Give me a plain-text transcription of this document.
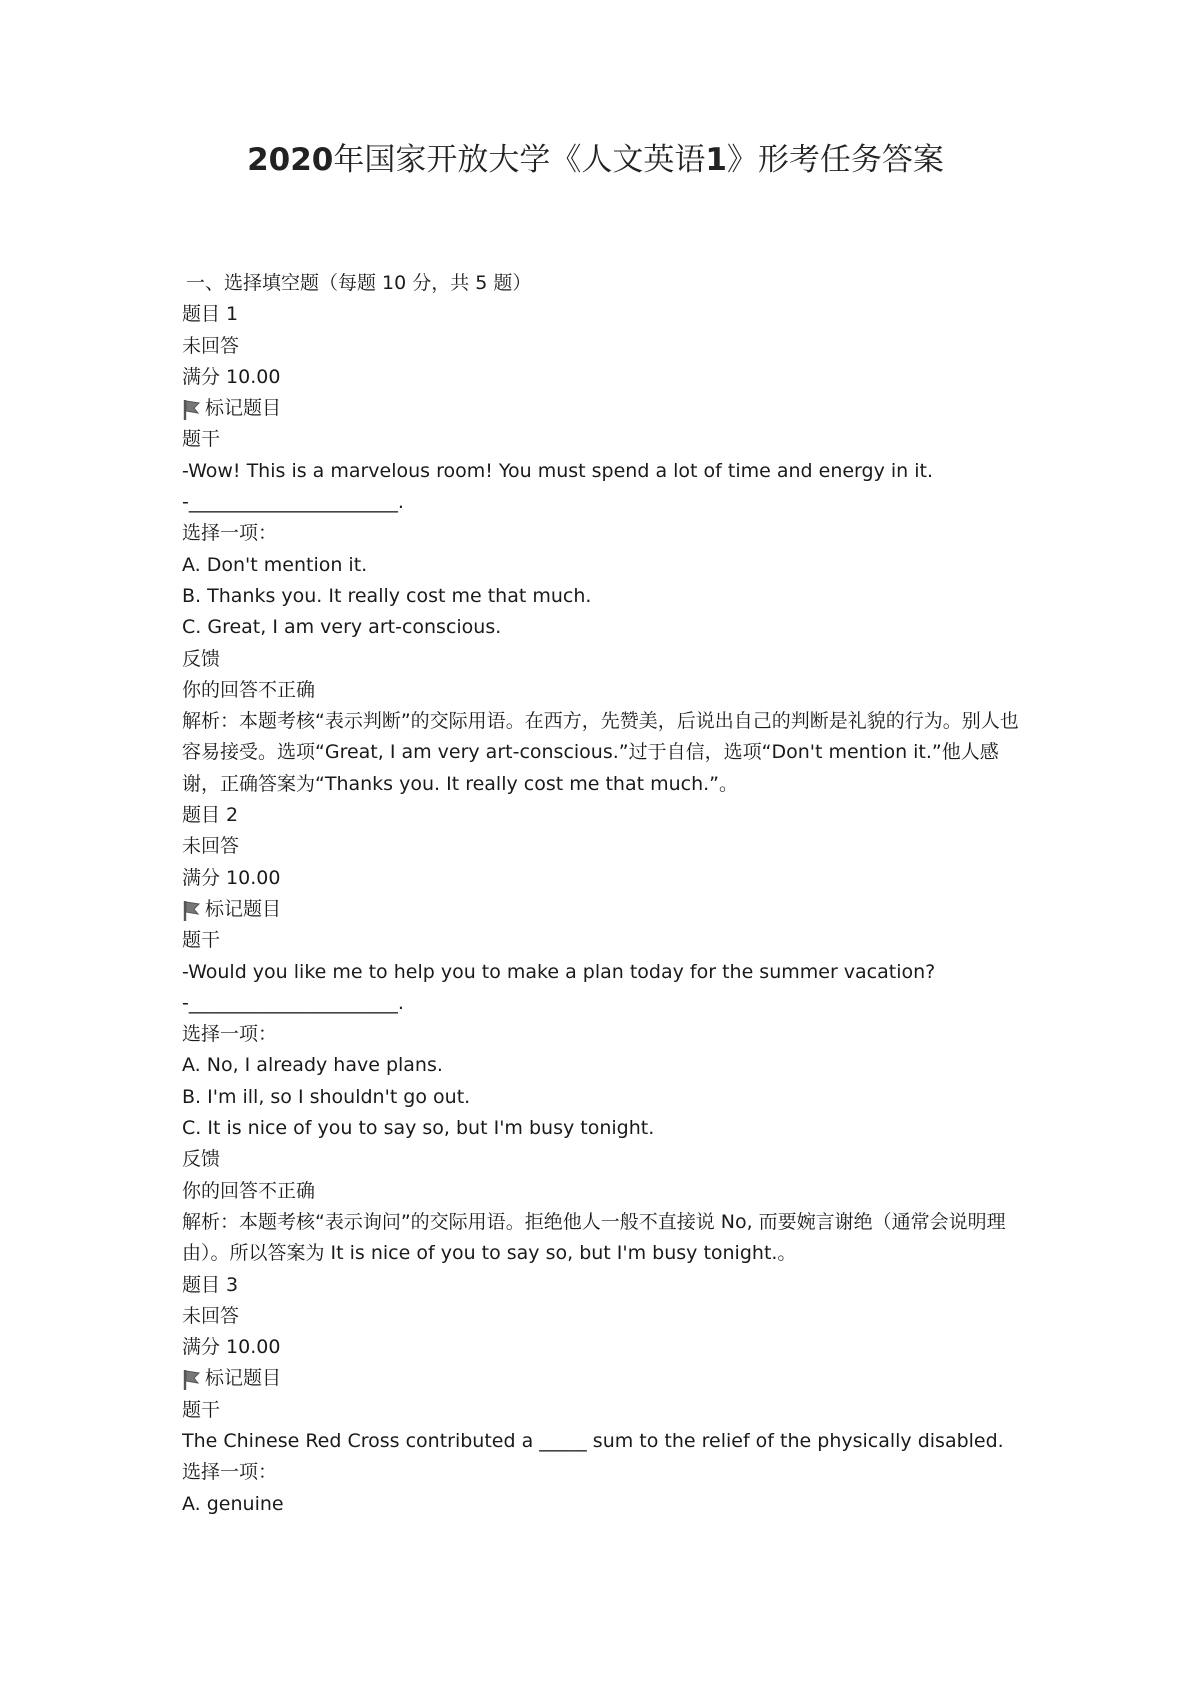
2020年国家开放大学《人文英语1》形考任务答案
一、选择填空题（每题 10 分，共 5 题）
题目 1
未回答
满分 10.00
标记题目
题干
-Wow! This is a marvelous room! You must spend a lot of time and energy in it.
-______________________.
选择一项：
A. Don't mention it.
B. Thanks you. It really cost me that much.
C. Great, I am very art-conscious.
反馈
你的回答不正确
解析：本题考核“表示判断”的交际用语。在西方，先赞美，后说出自己的判断是礼貌的行为。别人也容易接受。选项“Great, I am very art-conscious.”过于自信，选项“Don't mention it.”他人感谢，正确答案为“Thanks you. It really cost me that much.”。
题目 2
未回答
满分 10.00
标记题目
题干
-Would you like me to help you to make a plan today for the summer vacation?
-______________________.
选择一项：
A. No, I already have plans.
B. I'm ill, so I shouldn't go out.
C. It is nice of you to say so, but I'm busy tonight.
反馈
你的回答不正确
解析：本题考核“表示询问”的交际用语。拒绝他人一般不直接说 No, 而要婉言谢绝（通常会说明理由）。所以答案为 It is nice of you to say so, but I'm busy tonight.。
题目 3
未回答
满分 10.00
标记题目
题干
The Chinese Red Cross contributed a _____ sum to the relief of the physically disabled.
选择一项：
A. genuine
